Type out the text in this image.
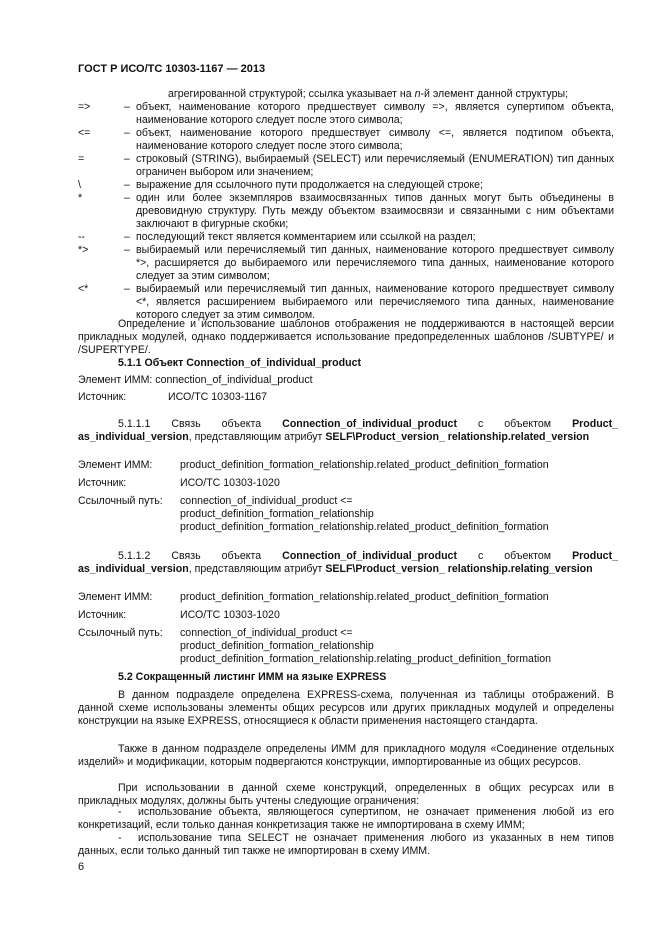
ГОСТ Р ИСО/ТС 10303-1167 — 2013
агрегированной структурой; ссылка указывает на n-й элемент данной структуры;
=>	– объект, наименование которого предшествует символу =>, является супертипом объекта, наименование которого следует после этого символа;
<=	– объект, наименование которого предшествует символу <=, является подтипом объекта, наименование которого следует после этого символа;
=	– строковый (STRING), выбираемый (SELECT) или перечисляемый (ENUMERATION) тип данных ограничен выбором или значением;
\	– выражение для ссылочного пути продолжается на следующей строке;
*	– один или более экземпляров взаимосвязанных типов данных могут быть объединены в древовидную структуру. Путь между объектом взаимосвязи и связанными с ним объектами заключают в фигурные скобки;
--	– последующий текст является комментарием или ссылкой на раздел;
*>	– выбираемый или перечисляемый тип данных, наименование которого предшествует символу *>, расширяется до выбираемого или перечисляемого типа данных, наименование которого следует за этим символом;
<*	– выбираемый или перечисляемый тип данных, наименование которого предшествует символу <*, является расширением выбираемого или перечисляемого типа данных, наименование которого следует за этим символом.
Определение и использование шаблонов отображения не поддерживаются в настоящей версии прикладных модулей, однако поддерживается использование предопределенных шаблонов /SUBTYPE/ и /SUPERTYPE/.
5.1.1 Объект Connection_of_individual_product
Элемент ИММ: connection_of_individual_product
Источник:	ИСО/ТС 10303-1167
5.1.1.1 Связь объекта Connection_of_individual_product с объектом Product_ as_individual_version, представляющим атрибут SELF\Product_version_ relationship.related_version
Элемент ИММ:	product_definition_formation_relationship.related_product_definition_formation
Источник:	ИСО/ТС 10303-1020
Ссылочный путь:	connection_of_individual_product <=
product_definition_formation_relationship
product_definition_formation_relationship.related_product_definition_formation
5.1.1.2 Связь объекта Connection_of_individual_product с объектом Product_ as_individual_version, представляющим атрибут SELF\Product_version_ relationship.relating_version
Элемент ИММ:	product_definition_formation_relationship.related_product_definition_formation
Источник:	ИСО/ТС 10303-1020
Ссылочный путь:	connection_of_individual_product <=
product_definition_formation_relationship
product_definition_formation_relationship.relating_product_definition_formation
5.2 Сокращенный листинг ИММ на языке EXPRESS
В данном подразделе определена EXPRESS-схема, полученная из таблицы отображений. В данной схеме использованы элементы общих ресурсов или других прикладных модулей и определены конструкции на языке EXPRESS, относящиеся к области применения настоящего стандарта.
Также в данном подразделе определены ИММ для прикладного модуля «Соединение отдельных изделий» и модификации, которым подвергаются конструкции, импортированные из общих ресурсов.
При использовании в данной схеме конструкций, определенных в общих ресурсах или в прикладных модулях, должны быть учтены следующие ограничения:
- использование объекта, являющегося супертипом, не означает применения любой из его конкретизаций, если только данная конкретизация также не импортирована в схему ИММ;
- использование типа SELECT не означает применения любого из указанных в нем типов данных, если только данный тип также не импортирован в схему ИММ.
6
